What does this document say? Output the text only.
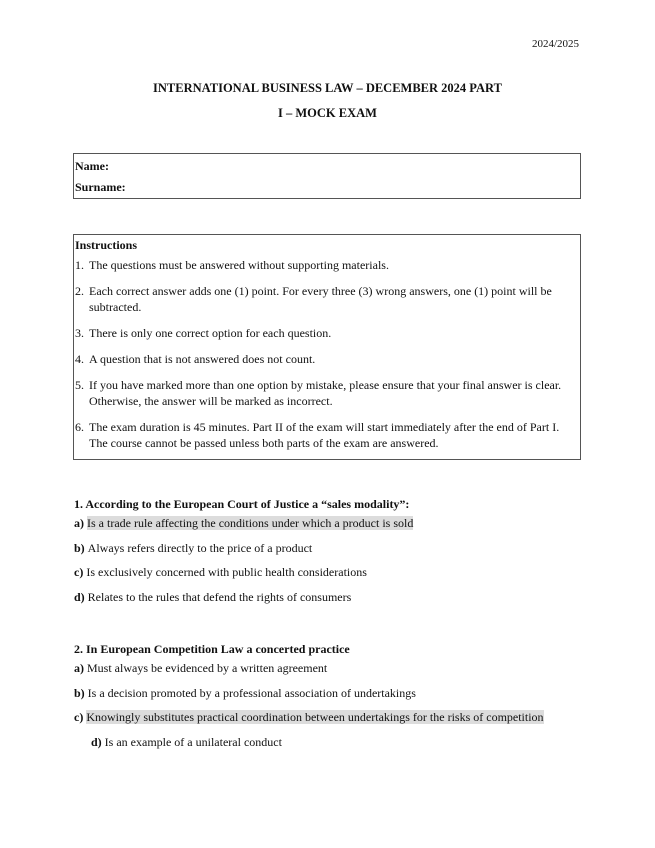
2024/2025
INTERNATIONAL BUSINESS LAW – DECEMBER 2024 PART
I – MOCK EXAM
Name:
Surname:
Instructions
1. The questions must be answered without supporting materials.
2. Each correct answer adds one (1) point. For every three (3) wrong answers, one (1) point will be subtracted.
3. There is only one correct option for each question.
4. A question that is not answered does not count.
5. If you have marked more than one option by mistake, please ensure that your final answer is clear. Otherwise, the answer will be marked as incorrect.
6. The exam duration is 45 minutes. Part II of the exam will start immediately after the end of Part I. The course cannot be passed unless both parts of the exam are answered.
1. According to the European Court of Justice a “sales modality”:
a) Is a trade rule affecting the conditions under which a product is sold
b) Always refers directly to the price of a product
c) Is exclusively concerned with public health considerations
d) Relates to the rules that defend the rights of consumers
2. In European Competition Law a concerted practice
a) Must always be evidenced by a written agreement
b) Is a decision promoted by a professional association of undertakings
c) Knowingly substitutes practical coordination between undertakings for the risks of competition
d) Is an example of a unilateral conduct
